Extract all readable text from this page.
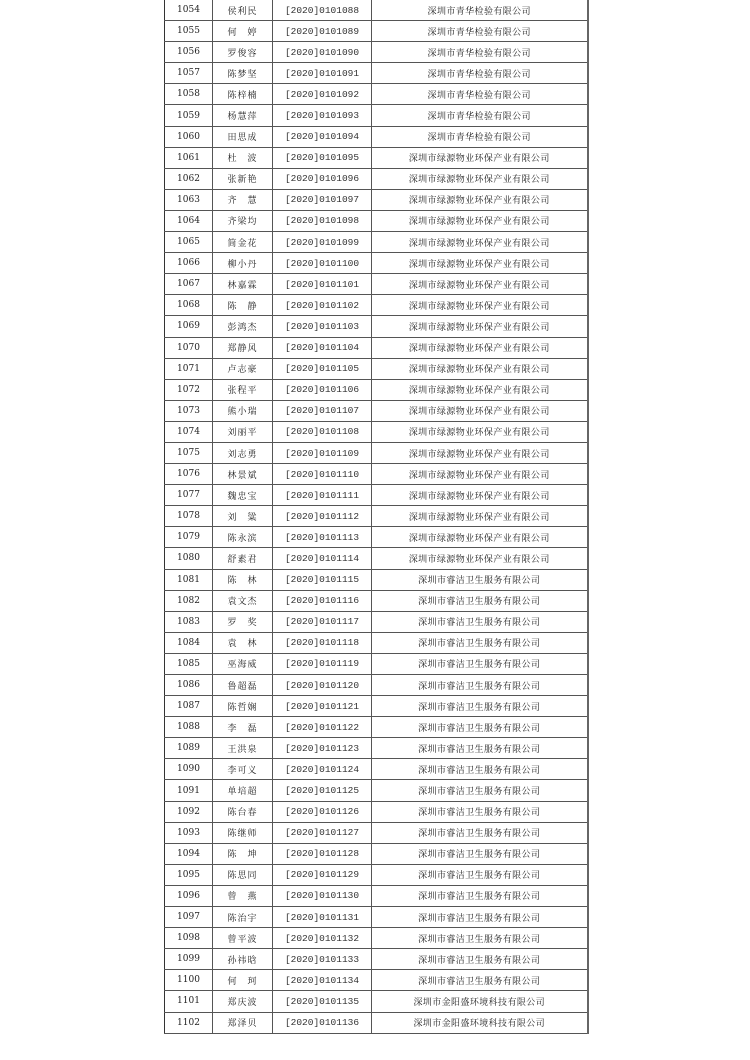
1054	侯利民	[2020]0101088	深圳市青华检验有限公司
1055	何　婷	[2020]0101089	深圳市青华检验有限公司
1056	罗俊容	[2020]0101090	深圳市青华检验有限公司
1057	陈梦坚	[2020]0101091	深圳市青华检验有限公司
1058	陈梓楠	[2020]0101092	深圳市青华检验有限公司
1059	杨慧萍	[2020]0101093	深圳市青华检验有限公司
1060	田思成	[2020]0101094	深圳市青华检验有限公司
1061	杜　波	[2020]0101095	深圳市绿源物业环保产业有限公司
1062	张新艳	[2020]0101096	深圳市绿源物业环保产业有限公司
1063	齐　慧	[2020]0101097	深圳市绿源物业环保产业有限公司
1064	齐梁均	[2020]0101098	深圳市绿源物业环保产业有限公司
1065	简金花	[2020]0101099	深圳市绿源物业环保产业有限公司
1066	柳小丹	[2020]0101100	深圳市绿源物业环保产业有限公司
1067	林嘉霖	[2020]0101101	深圳市绿源物业环保产业有限公司
1068	陈　静	[2020]0101102	深圳市绿源物业环保产业有限公司
1069	彭鸿杰	[2020]0101103	深圳市绿源物业环保产业有限公司
1070	郑静风	[2020]0101104	深圳市绿源物业环保产业有限公司
1071	卢志豪	[2020]0101105	深圳市绿源物业环保产业有限公司
1072	张程平	[2020]0101106	深圳市绿源物业环保产业有限公司
1073	熊小瑞	[2020]0101107	深圳市绿源物业环保产业有限公司
1074	刘丽平	[2020]0101108	深圳市绿源物业环保产业有限公司
1075	刘志勇	[2020]0101109	深圳市绿源物业环保产业有限公司
1076	林景斌	[2020]0101110	深圳市绿源物业环保产业有限公司
1077	魏忠宝	[2020]0101111	深圳市绿源物业环保产业有限公司
1078	刘　粱	[2020]0101112	深圳市绿源物业环保产业有限公司
1079	陈永滨	[2020]0101113	深圳市绿源物业环保产业有限公司
1080	舒素君	[2020]0101114	深圳市绿源物业环保产业有限公司
1081	陈　林	[2020]0101115	深圳市睿洁卫生服务有限公司
1082	袁文杰	[2020]0101116	深圳市睿洁卫生服务有限公司
1083	罗　奖	[2020]0101117	深圳市睿洁卫生服务有限公司
1084	袁　林	[2020]0101118	深圳市睿洁卫生服务有限公司
1085	巫海威	[2020]0101119	深圳市睿洁卫生服务有限公司
1086	鲁超磊	[2020]0101120	深圳市睿洁卫生服务有限公司
1087	陈哲娴	[2020]0101121	深圳市睿洁卫生服务有限公司
1088	李　磊	[2020]0101122	深圳市睿洁卫生服务有限公司
1089	王洪泉	[2020]0101123	深圳市睿洁卫生服务有限公司
1090	李可义	[2020]0101124	深圳市睿洁卫生服务有限公司
1091	单培超	[2020]0101125	深圳市睿洁卫生服务有限公司
1092	陈台春	[2020]0101126	深圳市睿洁卫生服务有限公司
1093	陈继师	[2020]0101127	深圳市睿洁卫生服务有限公司
1094	陈　坤	[2020]0101128	深圳市睿洁卫生服务有限公司
1095	陈思同	[2020]0101129	深圳市睿洁卫生服务有限公司
1096	曾　燕	[2020]0101130	深圳市睿洁卫生服务有限公司
1097	陈治宇	[2020]0101131	深圳市睿洁卫生服务有限公司
1098	曾平波	[2020]0101132	深圳市睿洁卫生服务有限公司
1099	孙祎晗	[2020]0101133	深圳市睿洁卫生服务有限公司
1100	何　珂	[2020]0101134	深圳市睿洁卫生服务有限公司
1101	郑庆波	[2020]0101135	深圳市金阳盛环境科技有限公司
1102	郑泽贝	[2020]0101136	深圳市金阳盛环境科技有限公司
